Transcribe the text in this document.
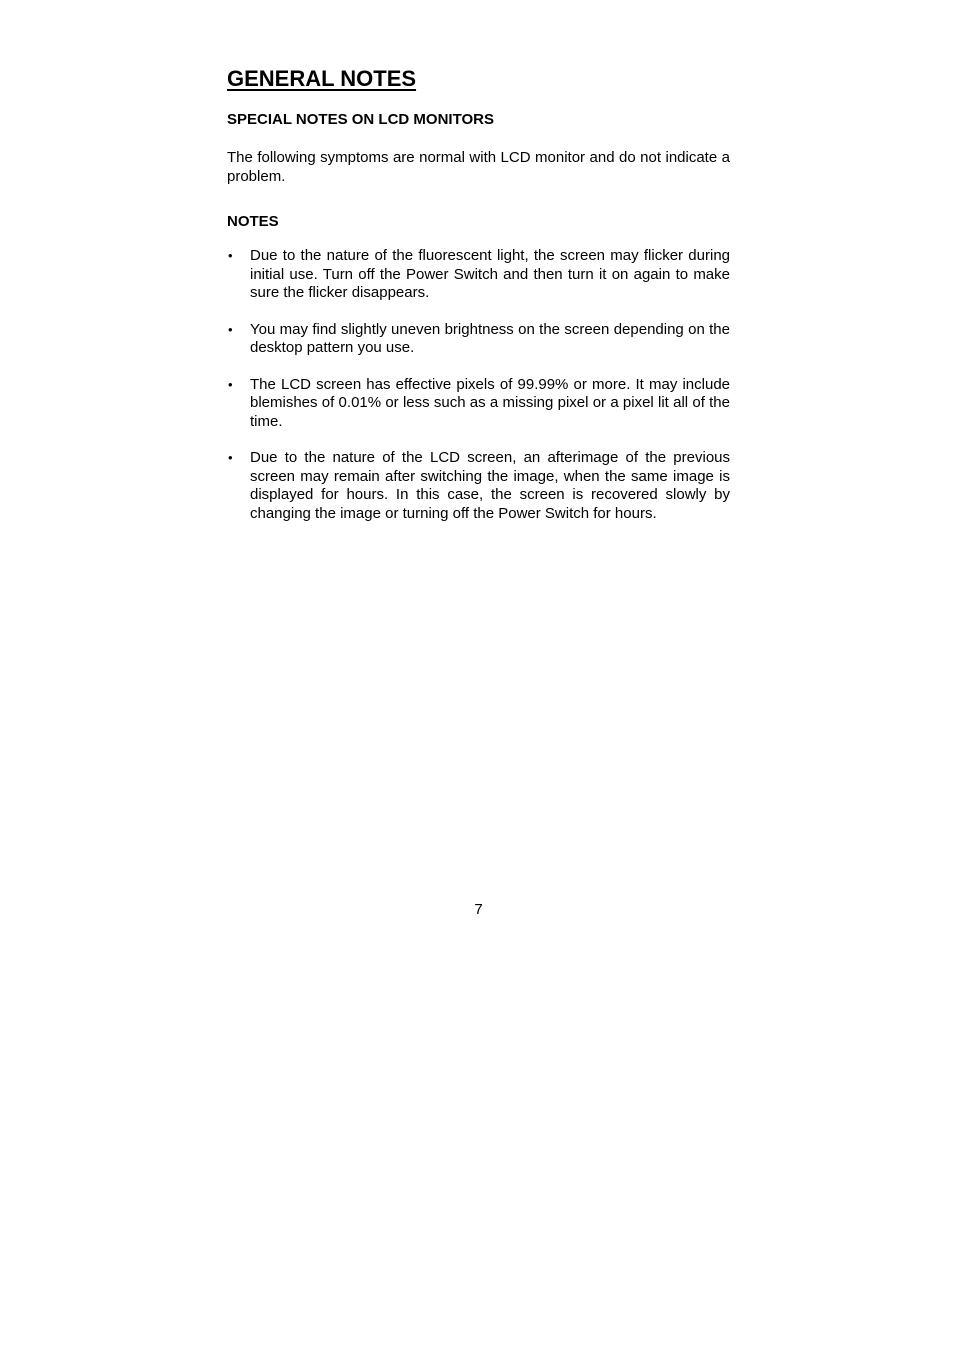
GENERAL NOTES
SPECIAL NOTES ON LCD MONITORS

The following symptoms are normal with LCD monitor and do not indicate a problem.

NOTES
• Due to the nature of the fluorescent light, the screen may flicker during initial use. Turn off the Power Switch and then turn it on again to make sure the flicker disappears.
• You may find slightly uneven brightness on the screen depending on the desktop pattern you use.
• The LCD screen has effective pixels of 99.99% or more. It may include blemishes of 0.01% or less such as a missing pixel or a pixel lit all of the time.
• Due to the nature of the LCD screen, an afterimage of the previous screen may remain after switching the image, when the same image is displayed for hours. In this case, the screen is recovered slowly by changing the image or turning off the Power Switch for hours.

7
